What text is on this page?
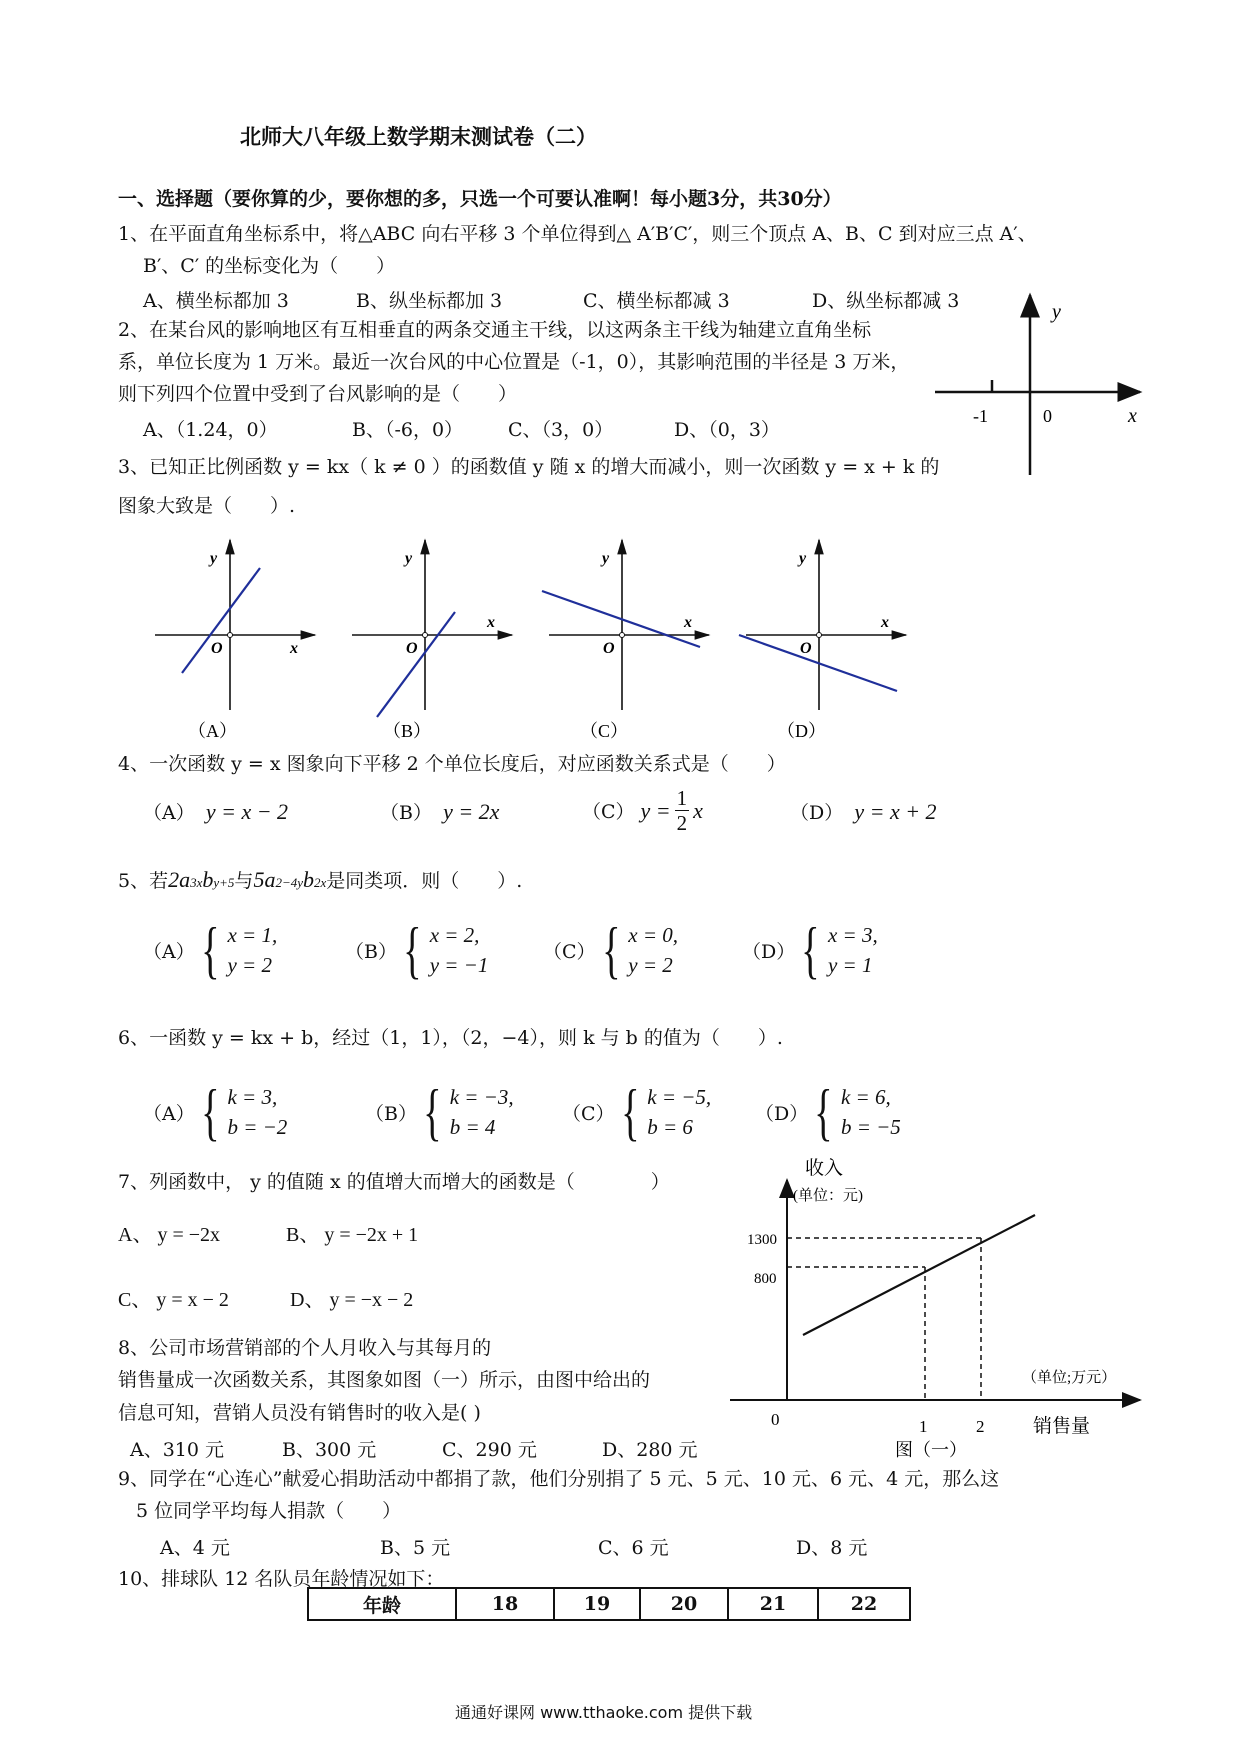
北师大八年级上数学期末测试卷（二）
一、选择题（要你算的少，要你想的多，只选一个可要认准啊！每小题3分，共30分）
1、在平面直角坐标系中，将△ABC 向右平移 3 个单位得到△ A′B′C′，则三个顶点 A、B、C 到对应三点 A′、
B′、C′ 的坐标变化为（　　）
A、横坐标都加 3	B、纵坐标都加 3	C、横坐标都减 3	D、纵坐标都减 3
2、在某台风的影响地区有互相垂直的两条交通主干线，以这两条主干线为轴建立直角坐标
系，单位长度为 1 万米。最近一次台风的中心位置是（-1，0），其影响范围的半径是 3 万米，
则下列四个位置中受到了台风影响的是（　　）
A、（1.24，0）	B、（-6，0） C、（3，0）	D、（0，3）
y
x
-1	0
3、已知正比例函数 y = kx（ k ≠ 0 ）的函数值 y 随 x 的增大而减小，则一次函数 y = x + k 的
图象大致是（　　）.
y
x
O
（A）
y
x
O
（B）
y
x
O
（C）
y
x
O
（D）
4、一次函数 y = x 图象向下平移 2 个单位长度后，对应函数关系式是（　　）
（A） y = x − 2	（B） y = 2x	（C） $y = \frac{1}{2}$ x	（D） y = x + 2
5、若 2a 3x b y+5 与 5a 2−4y b 2x 是同类项．则（　　）.
（A） { x = 1,
y = 2
（B） { x = 2,
y = −1
（C） { x = 0,
y = 2
（D） { x = 3,
y = 1
6、一函数 y = kx + b，经过（1，1），（2，−4），则 k 与 b 的值为（　　）.
（A） { k = 3,
b = −2
（B） { k = −3,
b = 4
（C） { k = −5,
b = 6
（D） { k = 6,
b = −5
7、列函数中， y 的值随 x 的值增大而增大的函数是（　　　　）
A、 y = −2x	B、 y = −2x + 1
C、 y = x − 2	D、 y = −x − 2
8、公司市场营销部的个人月收入与其每月的
销售量成一次函数关系，其图象如图（一）所示，由图中给出的
信息可知，营销人员没有销售时的收入是( )
A、310 元	B、300 元	C、290 元	D、280 元
收入
(单位：元)
1300
800
（单位;万元）
0	1	2	销售量
图（一）
9、同学在“心连心”献爱心捐助活动中都捐了款，他们分别捐了 5 元、5 元、10 元、6 元、4 元，那么这
5 位同学平均每人捐款（　　）
A、4 元	B、5 元	C、6 元	D、8 元
10、排球队 12 名队员年龄情况如下：
年龄	18	19	20	21	22
通通好课网 www.tthaoke.com 提供下载
